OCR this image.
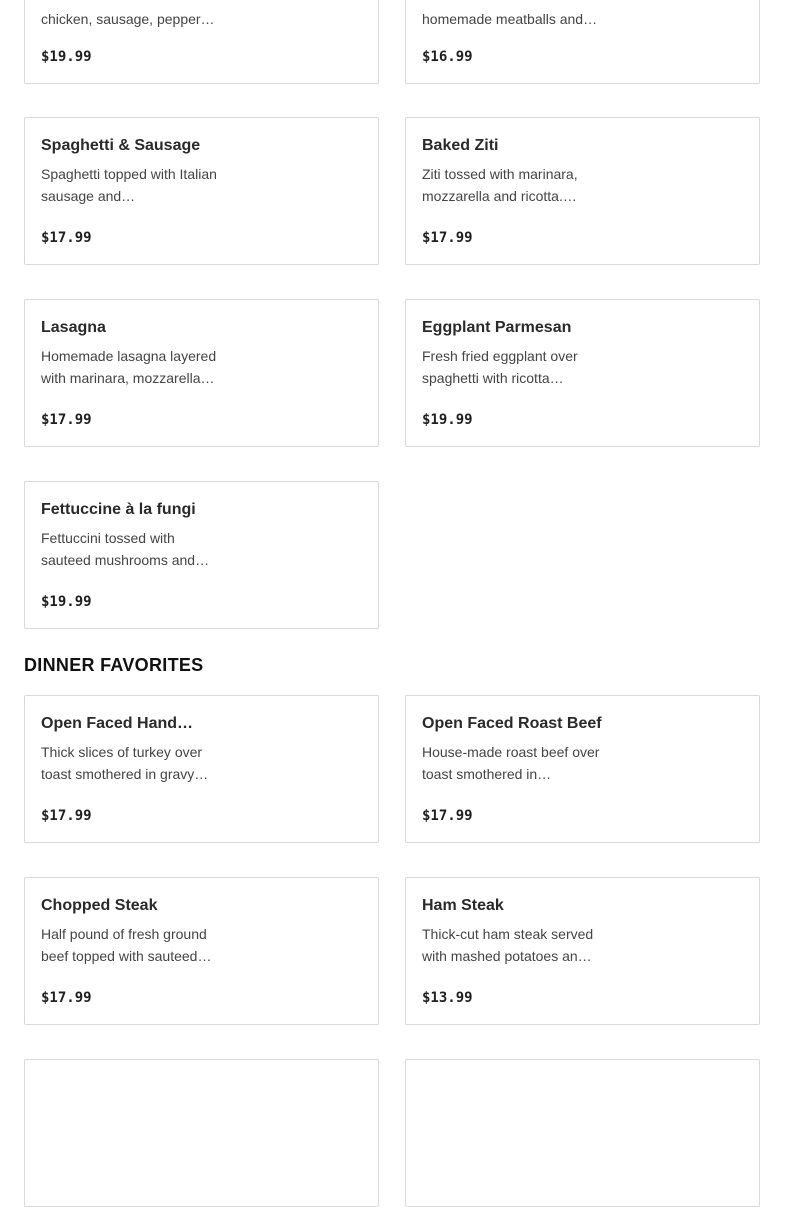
chicken, sausage, pepper…
$19.99
homemade meatballs and…
$16.99
Spaghetti & Sausage
Spaghetti topped with Italian sausage and…
$17.99
Baked Ziti
Ziti tossed with marinara, mozzarella and ricotta.…
$17.99
Lasagna
Homemade lasagna layered with marinara, mozzarella…
$17.99
Eggplant Parmesan
Fresh fried eggplant over spaghetti with ricotta…
$19.99
Fettuccine à la fungi
Fettuccini tossed with sauteed mushrooms and…
$19.99
DINNER FAVORITES
Open Faced Hand…
Thick slices of turkey over toast smothered in gravy…
$17.99
Open Faced Roast Beef
House-made roast beef over toast smothered in…
$17.99
Chopped Steak
Half pound of fresh ground beef topped with sauteed…
$17.99
Ham Steak
Thick-cut ham steak served with mashed potatoes an…
$13.99
